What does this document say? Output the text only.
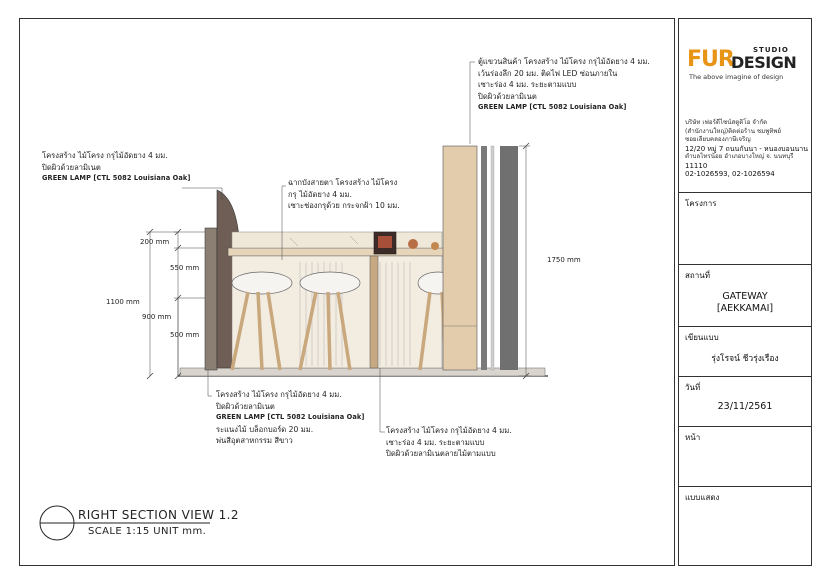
ตู้แขวนสินค้า โครงสร้าง ไม้โครง กรุไม้อัดยาง 4 มม.
เว้นร่องลึก 20 มม. ติดไฟ LED ซ่อนภายใน
เซาะร่อง 4 มม. ระยะตามแบบ
ปิดผิวด้วยลามิเนต
GREEN LAMP [CTL 5082 Louisiana Oak]
โครงสร้าง ไม้โครง กรุไม้อัดยาง 4 มม.
ปิดผิวด้วยลามิเนต
GREEN LAMP [CTL 5082 Louisiana Oak]	ฉากบังสายตา โครงสร้าง ไม้โครง
กรุ ไม้อัดยาง 4 มม.
เซาะช่องกรุด้วย กระจกฝ้า 10 มม.
โครงสร้าง ไม้โครง กรุไม้อัดยาง 4 มม.
ปิดผิวด้วยลามิเนต
GREEN LAMP [CTL 5082 Louisiana Oak]
ระแนงไม้ บล็อกบอร์ด 20 มม.
พ่นสีอุตสาหกรรม สีขาว
โครงสร้าง ไม้โครง กรุไม้อัดยาง 4 มม.
เซาะร่อง 4 มม. ระยะตามแบบ
ปิดผิวด้วยลามิเนตลายไม้ตามแบบ
200 mm
550 mm
1100 mm
900 mm
500 mm
1750 mm
RIGHT SECTION VIEW 1.2
SCALE 1:15 UNIT mm.
FUR	STUDIO
DESIGN
The above imagine of design
บริษัท เฟอร์ดีไซน์สตูดิโอ จำกัด
(สำนักงานใหญ่)ติดต่อร้าน ชมพูทิพย์
ซอยเลียบคลองภาษีเจริญ
12/20 หมู่ 7 ถนนกันนา - หนองบอนนาน
ตำบลไทรน้อย อำเภอบางใหญ่ จ. นนทบุรี
11110
02-1026593, 02-1026594
โครงการ
สถานที่
GATEWAY
[AEKKAMAI]
เขียนแบบ
รุ่งโรจน์ ชีวรุ่งเรือง
วันที่
23/11/2561
หน้า
แบบแสดง
